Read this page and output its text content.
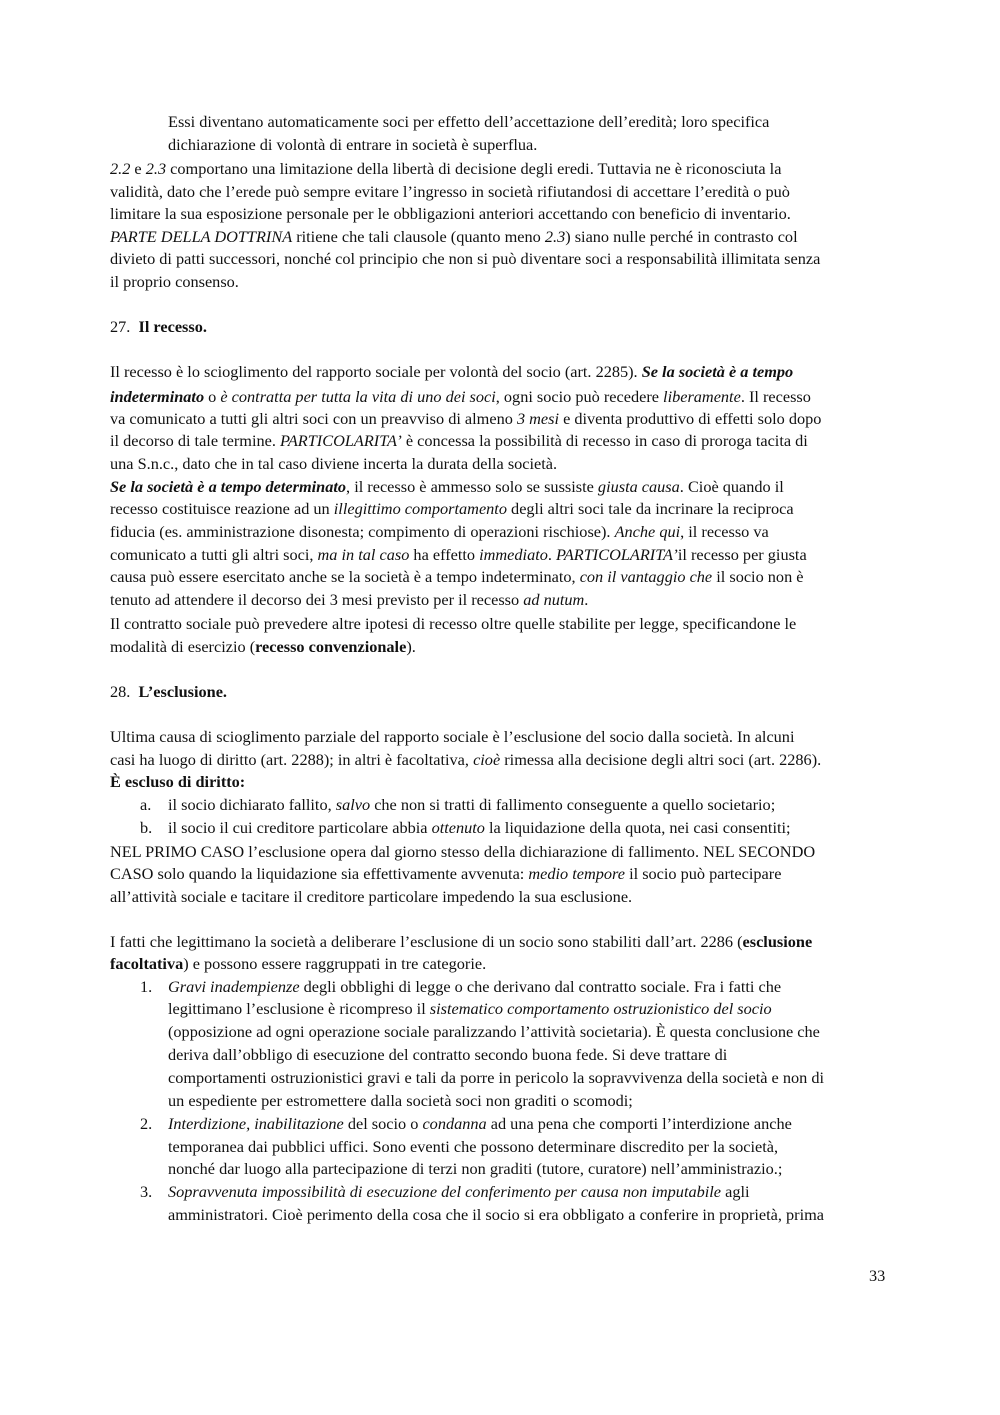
Essi diventano automaticamente soci per effetto dell’accettazione dell’eredità; loro specifica
dichiarazione di volontà di entrare in società è superflua.
2.2 e 2.3 comportano una limitazione della libertà di decisione degli eredi. Tuttavia ne è riconosciuta la
validità, dato che l’erede può sempre evitare l’ingresso in società rifiutandosi di accettare l’eredità o può
limitare la sua esposizione personale per le obbligazioni anteriori accettando con beneficio di inventario.
PARTE DELLA DOTTRINA ritiene che tali clausole (quanto meno 2.3) siano nulle perché in contrasto col
divieto di patti successori, nonché col principio che non si può diventare soci a responsabilità illimitata senza
il proprio consenso.
27. Il recesso.
Il recesso è lo scioglimento del rapporto sociale per volontà del socio (art. 2285). Se la società è a tempo
indeterminato o è contratta per tutta la vita di uno dei soci, ogni socio può recedere liberamente. Il recesso
va comunicato a tutti gli altri soci con un preavviso di almeno 3 mesi e diventa produttivo di effetti solo dopo
il decorso di tale termine. PARTICOLARITA’ è concessa la possibilità di recesso in caso di proroga tacita di
una S.n.c., dato che in tal caso diviene incerta la durata della società.
Se la società è a tempo determinato, il recesso è ammesso solo se sussiste giusta causa. Cioè quando il
recesso costituisce reazione ad un illegittimo comportamento degli altri soci tale da incrinare la reciproca
fiducia (es. amministrazione disonesta; compimento di operazioni rischiose). Anche qui, il recesso va
comunicato a tutti gli altri soci, ma in tal caso ha effetto immediato. PARTICOLARITA’il recesso per giusta
causa può essere esercitato anche se la società è a tempo indeterminato, con il vantaggio che il socio non è
tenuto ad attendere il decorso dei 3 mesi previsto per il recesso ad nutum.
Il contratto sociale può prevedere altre ipotesi di recesso oltre quelle stabilite per legge, specificandone le
modalità di esercizio (recesso convenzionale).
28. L’esclusione.
Ultima causa di scioglimento parziale del rapporto sociale è l’esclusione del socio dalla società. In alcuni
casi ha luogo di diritto (art. 2288); in altri è facoltativa, cioè rimessa alla decisione degli altri soci (art. 2286).
È escluso di diritto:
a. il socio dichiarato fallito, salvo che non si tratti di fallimento conseguente a quello societario;
b. il socio il cui creditore particolare abbia ottenuto la liquidazione della quota, nei casi consentiti;
NEL PRIMO CASO l’esclusione opera dal giorno stesso della dichiarazione di fallimento. NEL SECONDO
CASO solo quando la liquidazione sia effettivamente avvenuta: medio tempore il socio può partecipare
all’attività sociale e tacitare il creditore particolare impedendo la sua esclusione.
I fatti che legittimano la società a deliberare l’esclusione di un socio sono stabiliti dall’art. 2286 (esclusione
facoltativa) e possono essere raggruppati in tre categorie.
1. Gravi inadempienze degli obblighi di legge o che derivano dal contratto sociale. Fra i fatti che
legittimano l’esclusione è ricompreso il sistematico comportamento ostruzionistico del socio
(opposizione ad ogni operazione sociale paralizzando l’attività societaria). È questa conclusione che
deriva dall’obbligo di esecuzione del contratto secondo buona fede. Si deve trattare di
comportamenti ostruzionistici gravi e tali da porre in pericolo la sopravvivenza della società e non di
un espediente per estromettere dalla società soci non graditi o scomodi;
2. Interdizione, inabilitazione del socio o condanna ad una pena che comporti l’interdizione anche
temporanea dai pubblici uffici. Sono eventi che possono determinare discredito per la società,
nonché dar luogo alla partecipazione di terzi non graditi (tutore, curatore) nell’amministrazio.;
3. Sopravvenuta impossibilità di esecuzione del conferimento per causa non imputabile agli
amministratori. Cioè perimento della cosa che il socio si era obbligato a conferire in proprietà, prima
33
